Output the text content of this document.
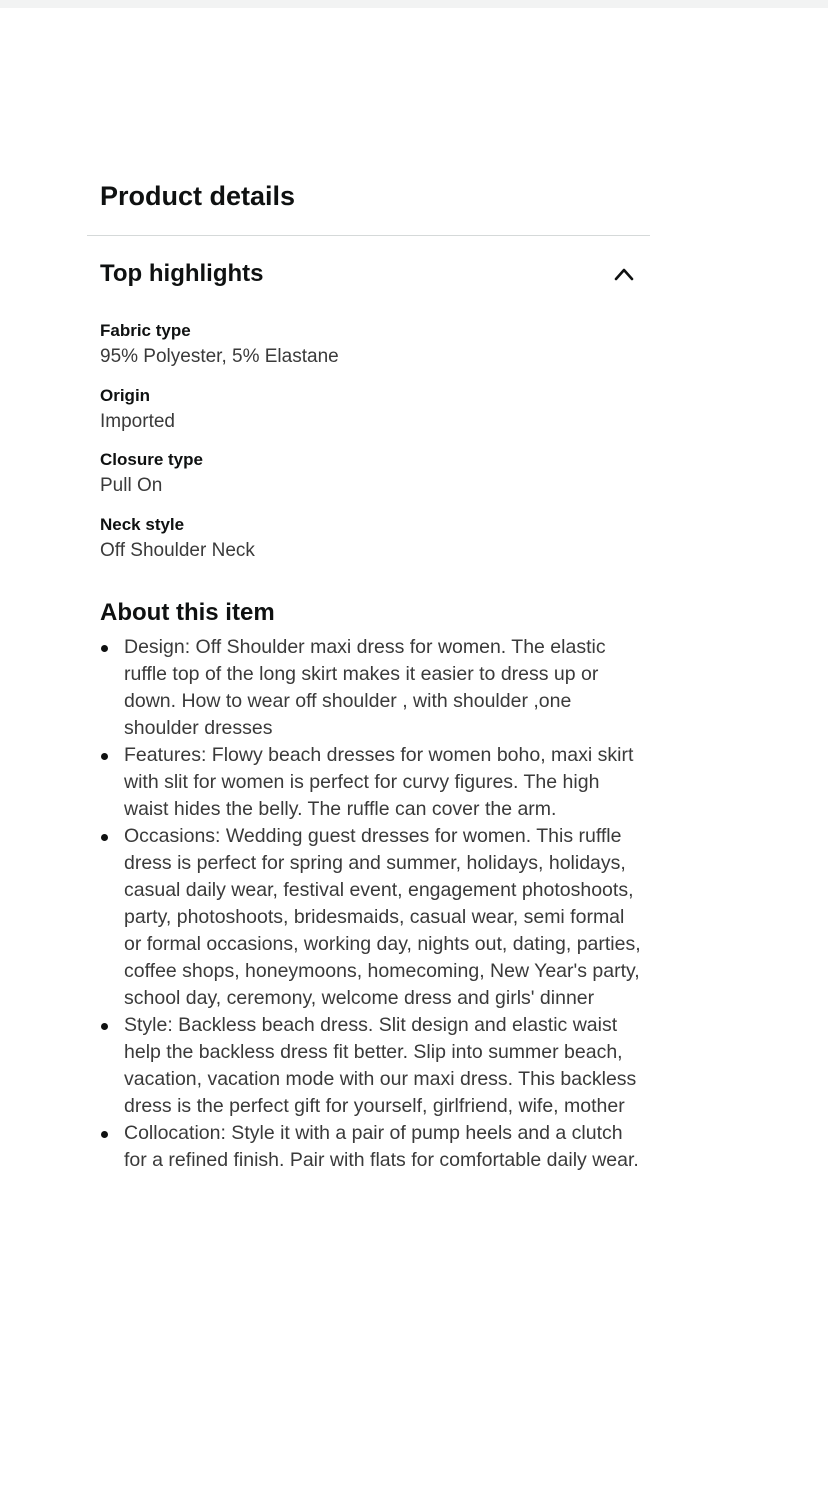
Product details
Top highlights
Fabric type
95% Polyester, 5% Elastane
Origin
Imported
Closure type
Pull On
Neck style
Off Shoulder Neck
About this item
Design: Off Shoulder maxi dress for women. The elastic ruffle top of the long skirt makes it easier to dress up or down. How to wear off shoulder , with shoulder ,one shoulder dresses
Features: Flowy beach dresses for women boho, maxi skirt with slit for women is perfect for curvy figures. The high waist hides the belly. The ruffle can cover the arm.
Occasions: Wedding guest dresses for women. This ruffle dress is perfect for spring and summer, holidays, holidays, casual daily wear, festival event, engagement photoshoots, party, photoshoots, bridesmaids, casual wear, semi formal or formal occasions, working day, nights out, dating, parties, coffee shops, honeymoons, homecoming, New Year's party, school day, ceremony, welcome dress and girls' dinner
Style: Backless beach dress. Slit design and elastic waist help the backless dress fit better. Slip into summer beach, vacation, vacation mode with our maxi dress. This backless dress is the perfect gift for yourself, girlfriend, wife, mother
Collocation: Style it with a pair of pump heels and a clutch for a refined finish. Pair with flats for comfortable daily wear.
